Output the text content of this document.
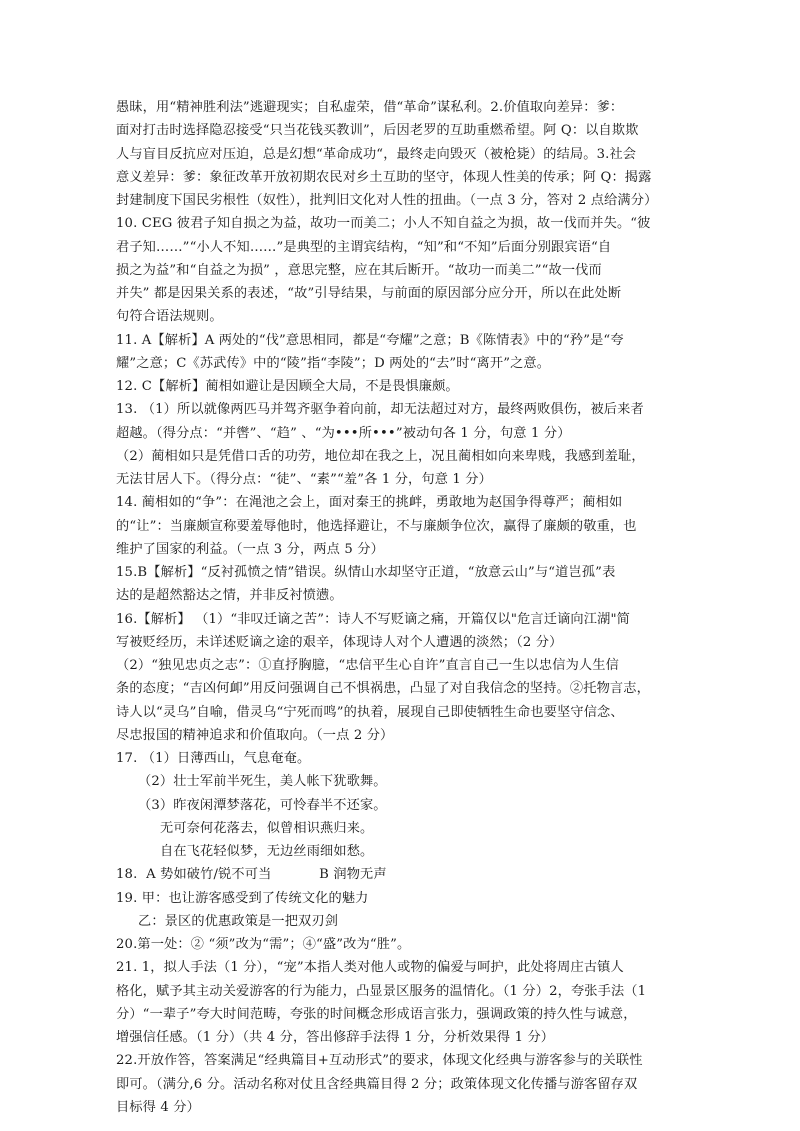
愚昧，用“精神胜利法”逃避现实；自私虚荣，借“革命”谋私利。2.价值取向差异：爹：
面对打击时选择隐忍接受“只当花钱买教训”，后因老罗的互助重燃希望。阿 Q：以自欺欺
人与盲目反抗应对压迫，总是幻想“革命成功“，最终走向毁灭（被枪毙）的结局。3.社会
意义差异：爹：象征改革开放初期农民对乡土互助的坚守，体现人性美的传承；阿 Q：揭露
封建制度下国民劣根性（奴性），批判旧文化对人性的扭曲。（一点 3 分，答对 2 点给满分）
10. CEG 彼君子知自损之为益，故功一而美二；小人不知自益之为损，故一伐而并失。“彼
君子知……”“小人不知……”是典型的主谓宾结构，“知”和“不知”后面分别跟宾语“自
损之为益”和“自益之为损” ，意思完整，应在其后断开。“故功一而美二”“故一伐而
并失” 都是因果关系的表述，“故”引导结果，与前面的原因部分应分开，所以在此处断
句符合语法规则。
11. A【解析】A 两处的“伐”意思相同，都是“夸耀”之意；B《陈情表》中的“矜”是“夸
耀”之意；C《苏武传》中的“陵”指“李陵”；D 两处的“去”时“离开”之意。
12. C【解析】蔺相如避让是因顾全大局，不是畏惧廉颇。
13. （1）所以就像两匹马并驾齐驱争着向前，却无法超过对方，最终两败俱伤，被后来者
超越。（得分点：“并辔”、“趋” 、“为•••所•••”被动句各 1 分，句意 1 分）
（2）蔺相如只是凭借口舌的功劳，地位却在我之上，况且蔺相如向来卑贱，我感到羞耻，
无法甘居人下。（得分点：“徒”、“素”“羞”各 1 分，句意 1 分）
14. 蔺相如的“争”：在渑池之会上，面对秦王的挑衅，勇敢地为赵国争得尊严；蔺相如
的“让”：当廉颇宣称要羞辱他时，他选择避让，不与廉颇争位次，赢得了廉颇的敬重，也
维护了国家的利益。（一点 3 分，两点 5 分）
15.B【解析】“反衬孤愤之情”错误。纵情山水却坚守正道，“放意云山”与“道岂孤”表
达的是超然豁达之情，并非反衬愤懑。
16.【解析】 （1）“非叹迁谪之苦”：诗人不写贬谪之痛，开篇仅以"危言迁谪向江湖"简
写被贬经历，未详述贬谪之途的艰辛，体现诗人对个人遭遇的淡然；（2 分）
（2）“独见忠贞之志”：①直抒胸臆，“忠信平生心自许”直言自己一生以忠信为人生信
条的态度；“吉凶何卹”用反问强调自己不惧祸患，凸显了对自我信念的坚持。②托物言志，
诗人以“灵乌”自喻，借灵乌“宁死而鸣”的执着，展现自己即使牺牲生命也要坚守信念、
尽忠报国的精神追求和价值取向。（一点 2 分）
17. （1）日薄西山，气息奄奄。
（2）壮士军前半死生，美人帐下犹歌舞。
（3）昨夜闲潭梦落花，可怜春半不还家。
无可奈何花落去，似曾相识燕归来。
自在飞花轻似梦，无边丝雨细如愁。
18.  A 势如破竹/锐不可当           B 润物无声
19. 甲：也让游客感受到了传统文化的魅力
乙：景区的优惠政策是一把双刃剑
20.第一处：② “须”改为“需”；④“盛”改为“胜”。
21. 1，拟人手法（1 分），“宠”本指人类对他人或物的偏爱与呵护，此处将周庄古镇人
格化，赋予其主动关爱游客的行为能力，凸显景区服务的温情化。（1 分）2，夸张手法（1
分）“一辈子”夸大时间范畴，夸张的时间概念形成语言张力，强调政策的持久性与诚意，
增强信任感。（1 分）（共 4 分，答出修辞手法得 1 分，分析效果得 1 分）
22.开放作答，答案满足“经典篇目+互动形式”的要求，体现文化经典与游客参与的关联性
即可。（满分,6 分。活动名称对仗且含经典篇目得 2 分；政策体现文化传播与游客留存双
目标得 4 分）
